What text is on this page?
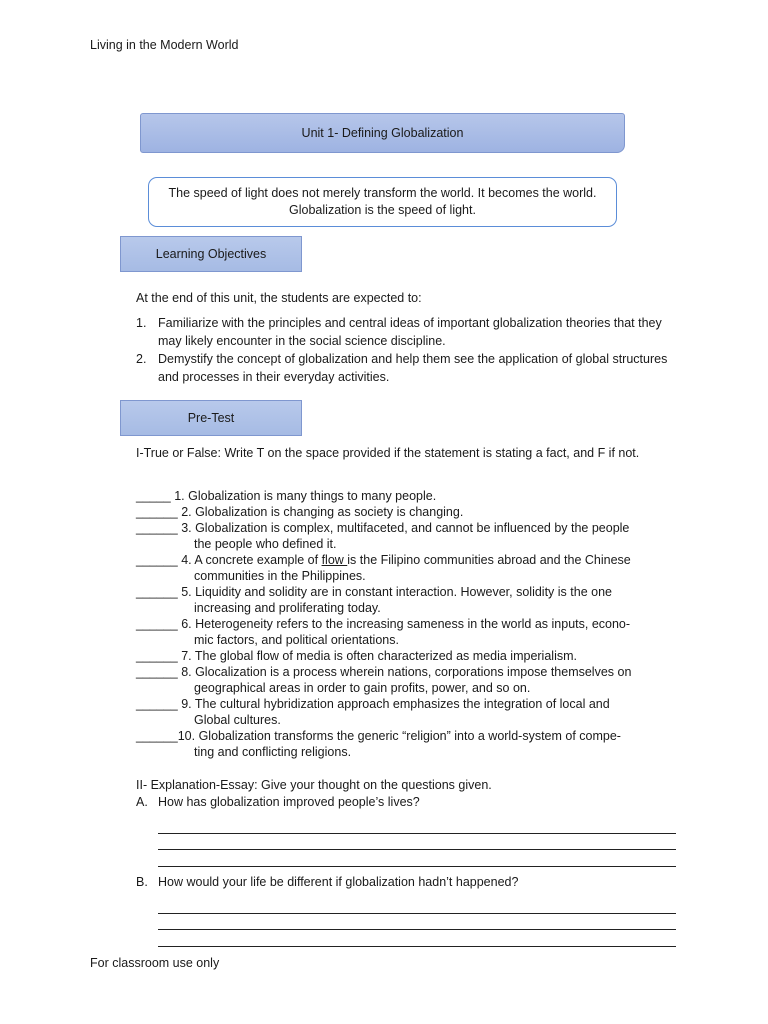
Living in the Modern World
Unit 1- Defining Globalization
The speed of light does not merely transform the world. It becomes the world. Globalization is the speed of light.
Learning Objectives
At the end of this unit, the students are expected to:
1. Familiarize with the principles and central ideas of important globalization theories that they may likely encounter in the social science discipline.
2. Demystify the concept of globalization and help them see the application of global structures and processes in their everyday activities.
Pre-Test
I-True or False: Write T on the space provided if the statement is stating a fact, and F if not.
_____ 1. Globalization is many things to many people.
______ 2. Globalization is changing as society is changing.
______ 3. Globalization is complex, multifaceted, and cannot be influenced by the people
the people who defined it.
______ 4. A concrete example of flow is the Filipino communities abroad and the Chinese
communities in the Philippines.
______ 5. Liquidity and solidity are in constant interaction. However, solidity is the one
increasing and proliferating today.
______ 6. Heterogeneity refers to the increasing sameness in the world as inputs, econo-
mic factors, and political orientations.
______ 7. The global flow of media is often characterized as media imperialism.
______ 8. Glocalization is a process wherein nations, corporations impose themselves on
geographical areas in order to gain profits, power, and so on.
______ 9. The cultural hybridization approach emphasizes the integration of local and
Global cultures.
______ 10. Globalization transforms the generic “religion” into a world-system of compe-
ting and conflicting religions.
II- Explanation-Essay: Give your thought on the questions given.
A. How has globalization improved people’s lives?
B. How would your life be different if globalization hadn’t happened?
For classroom use only
